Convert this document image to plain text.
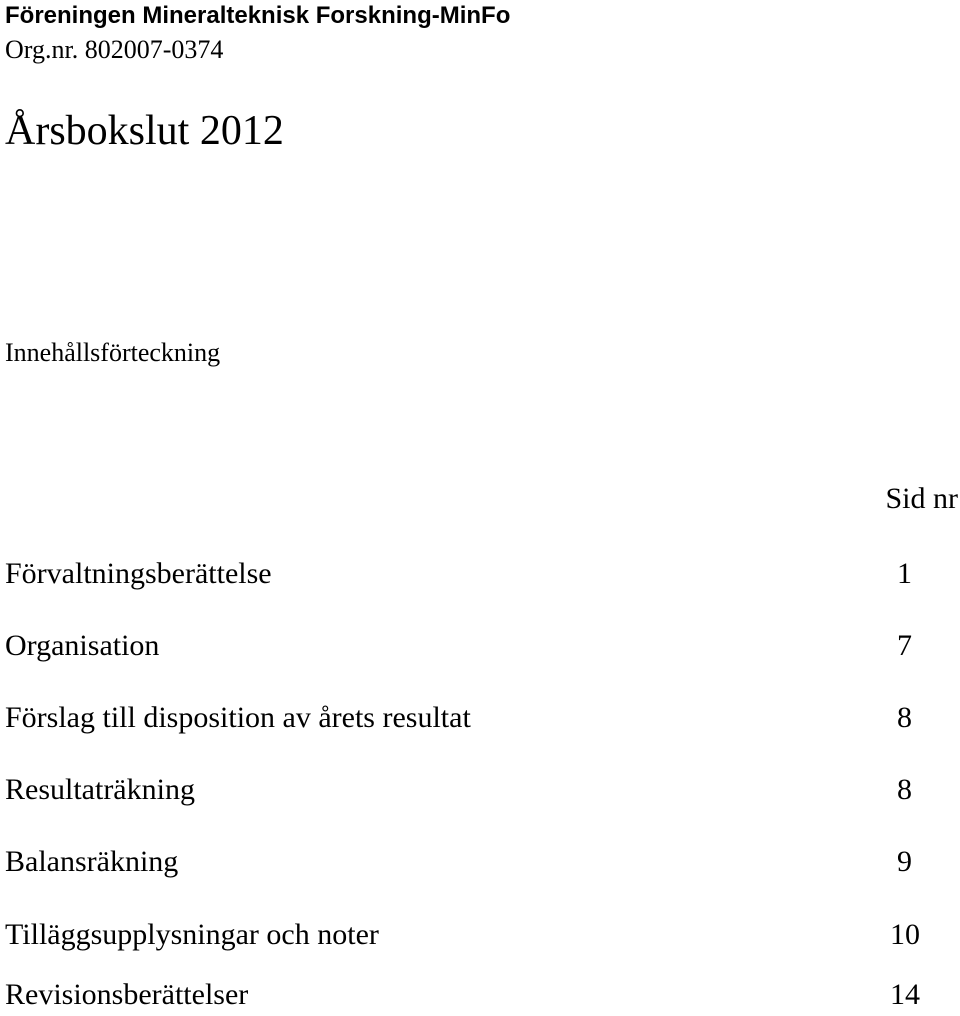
Föreningen Mineralteknisk Forskning-MinFo
Org.nr. 802007-0374
Årsbokslut 2012
Innehållsförteckning
Sid nr
Förvaltningsberättelse	1
Organisation	7
Förslag till disposition av årets resultat	8
Resultaträkning	8
Balansräkning	9
Tilläggsupplysningar och noter	10
Revisionsberättelser	14
